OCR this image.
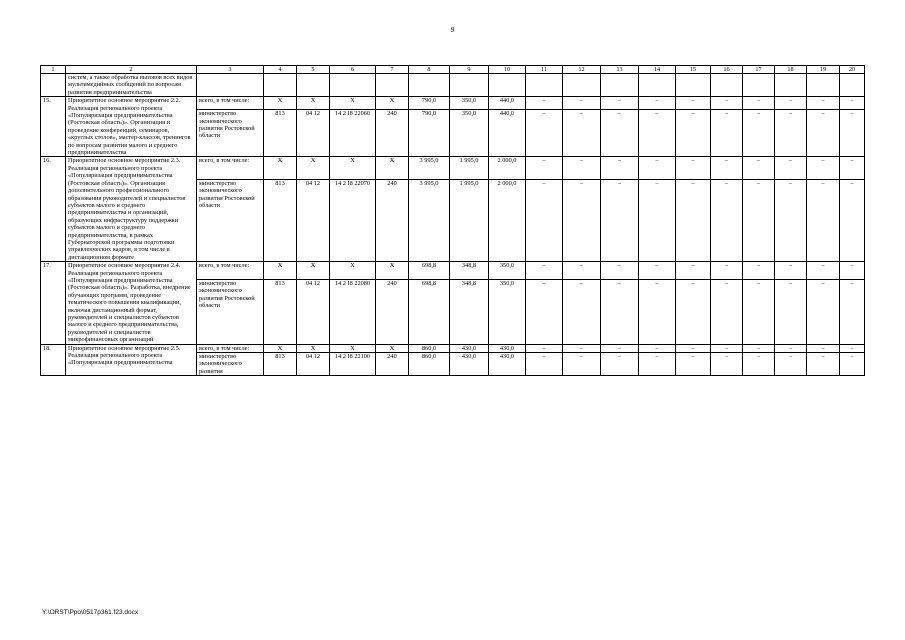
9
1	2	3	4	5	6	7	8	9	10	11	12	13	14	15	16	17	18	19	20
	систем, а также обработка вызовов всех видов мультимедийных сообщений по вопросам развития предпринимательства																		
15.	Приоритетное основное мероприятие 2.2. Реализация регионального проекта «Популяризация предпринимательства (Ростовская область)». Организация и проведение конференций, семинаров, «круглых столов», мастер-классов, тренингов по вопросам развития малого и среднего предпринимательства	всего, в том числе:	X	X	X	X	790,0	350,0	440,0	–	–	–	–	–	–	–	–	–	–
		министерство экономического развития Ростовской области	813	04 12	14 2 I8 22060	240	790,0	350,0	440,0	–	–	–	–	–	–	–	–	–	–
16.	Приоритетное основное мероприятие 2.3. Реализация регионального проекта «Популяризация предпринимательства (Ростовская область)». Организация дополнительного профессионального образования руководителей и специалистов субъектов малого и среднего предпринимательства и организаций, образующих инфраструктуру поддержки субъектов малого и среднего предпринимательства, в рамках Губернаторской программы подготовки управленческих кадров, в том числе в дистанционном формате	всего, в том числе:	X	X	X	X	3 995,0	1 995,0	2 000,0	–	–	–	–	–	–	–	–	–	–
		министерство экономического развития Ростовской области	813	04 12	14 2 I8 22070	240	3 995,0	1 995,0	2 000,0	–	–	–	–	–	–	–	–	–	–
17.	Приоритетное основное мероприятие 2.4. Реализация регионального проекта «Популяризация предпринимательства (Ростовская область)». Разработка, внедрение обучающих программ, проведение тематического повышения квалификации, включая дистанционный формат, руководителей и специалистов субъектов малого и среднего предпринимательства, руководителей и специалистов микрофинансовых организаций	всего, в том числе:	X	X	X	X	698,8	348,8	350,0	–	–	–	–	–	–	–	–	–	–
		министерство экономического развития Ростовской области	813	04 12	14 2 I8 22080	240	698,8	348,8	350,0	–	–	–	–	–	–	–	–	–	–
18.	Приоритетное основное мероприятие 2.5. Реализация регионального проекта «Популяризация предпринимательства	всего, в том числе:	X	X	X	X	860,0	430,0	430,0	–	–	–	–	–	–	–	–	–	–
		министерство экономического развития	813	04 12	14 2 I8 22100	240	860,0	430,0	430,0	–	–	–	–	–	–	–	–	–	–
Y:\ORST\Ppo\0517p361.f23.docx
